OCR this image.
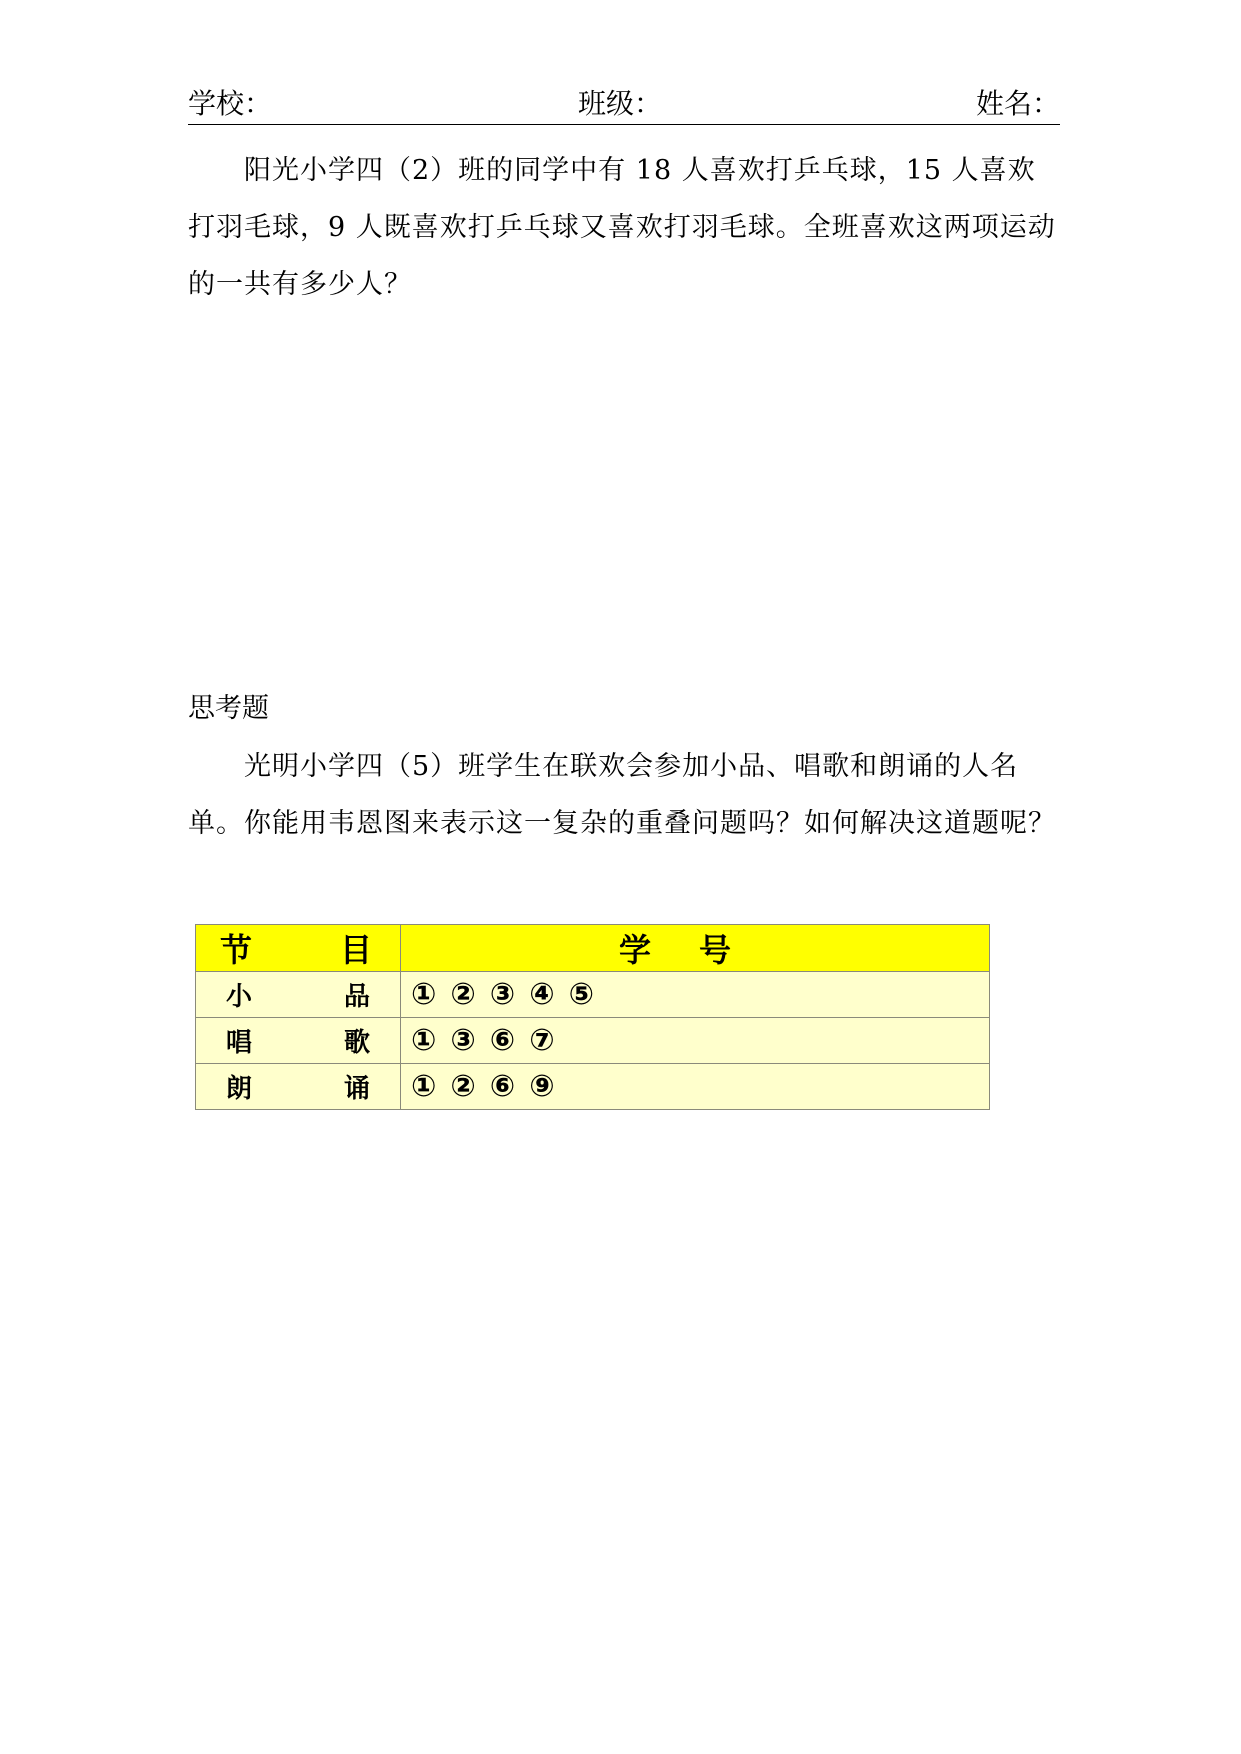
学校：	班级：	姓名：

阳光小学四（2）班的同学中有 18 人喜欢打乒乓球，15 人喜欢打羽毛球，9 人既喜欢打乒乓球又喜欢打羽毛球。全班喜欢这两项运动的一共有多少人？

思考题

光明小学四（5）班学生在联欢会参加小品、唱歌和朗诵的人名单。你能用韦恩图来表示这一复杂的重叠问题吗？如何解决这道题呢？

节 目	学 号

小 品	①②③④⑤

唱 歌	①③⑥⑦

朗 诵	①②⑥⑨
